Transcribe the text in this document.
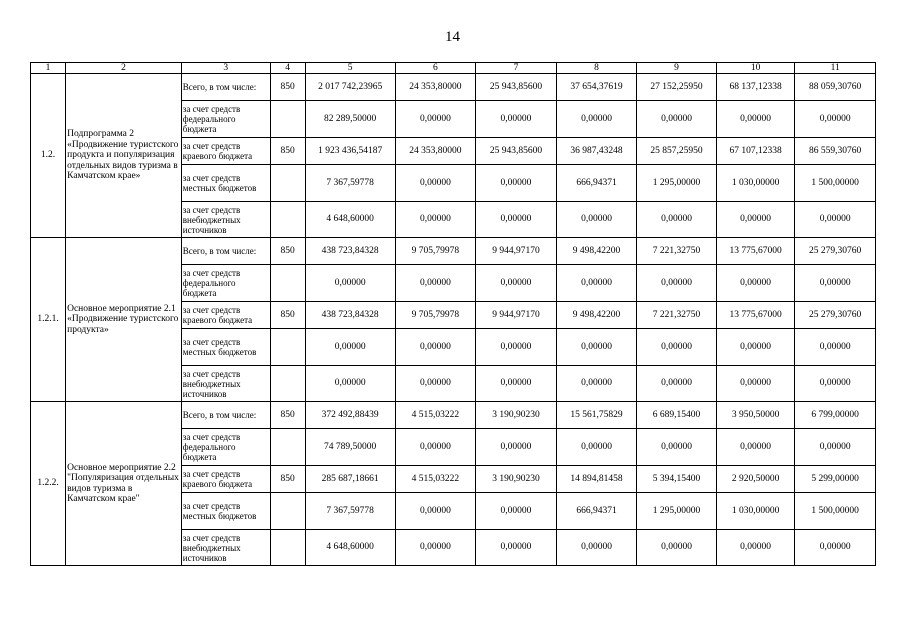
14
1	2	3	4	5	6	7	8	9	10	11
1.2.	Подпрограмма 2 «Продвижение туристского продукта и популяризация отдельных видов туризма в Камчатском крае»	Всего, в том числе:	850	2 017 742,23965	24 353,80000	25 943,85600	37 654,37619	27 152,25950	68 137,12338	88 059,30760
		за счет средств федерального бюджета		82 289,50000	0,00000	0,00000	0,00000	0,00000	0,00000	0,00000
		за счет средств краевого бюджета	850	1 923 436,54187	24 353,80000	25 943,85600	36 987,43248	25 857,25950	67 107,12338	86 559,30760
		за счет средств местных бюджетов		7 367,59778	0,00000	0,00000	666,94371	1 295,00000	1 030,00000	1 500,00000
		за счет средств внебюджетных источников		4 648,60000	0,00000	0,00000	0,00000	0,00000	0,00000	0,00000
1.2.1.	Основное мероприятие 2.1 «Продвижение туристского продукта»	Всего, в том числе:	850	438 723,84328	9 705,79978	9 944,97170	9 498,42200	7 221,32750	13 775,67000	25 279,30760
		за счет средств федерального бюджета		0,00000	0,00000	0,00000	0,00000	0,00000	0,00000	0,00000
		за счет средств краевого бюджета	850	438 723,84328	9 705,79978	9 944,97170	9 498,42200	7 221,32750	13 775,67000	25 279,30760
		за счет средств местных бюджетов		0,00000	0,00000	0,00000	0,00000	0,00000	0,00000	0,00000
		за счет средств внебюджетных источников		0,00000	0,00000	0,00000	0,00000	0,00000	0,00000	0,00000
1.2.2.	Основное мероприятие 2.2 "Популяризация отдельных видов туризма в Камчатском крае"	Всего, в том числе:	850	372 492,88439	4 515,03222	3 190,90230	15 561,75829	6 689,15400	3 950,50000	6 799,00000
		за счет средств федерального бюджета		74 789,50000	0,00000	0,00000	0,00000	0,00000	0,00000	0,00000
		за счет средств краевого бюджета	850	285 687,18661	4 515,03222	3 190,90230	14 894,81458	5 394,15400	2 920,50000	5 299,00000
		за счет средств местных бюджетов		7 367,59778	0,00000	0,00000	666,94371	1 295,00000	1 030,00000	1 500,00000
		за счет средств внебюджетных источников		4 648,60000	0,00000	0,00000	0,00000	0,00000	0,00000	0,00000
